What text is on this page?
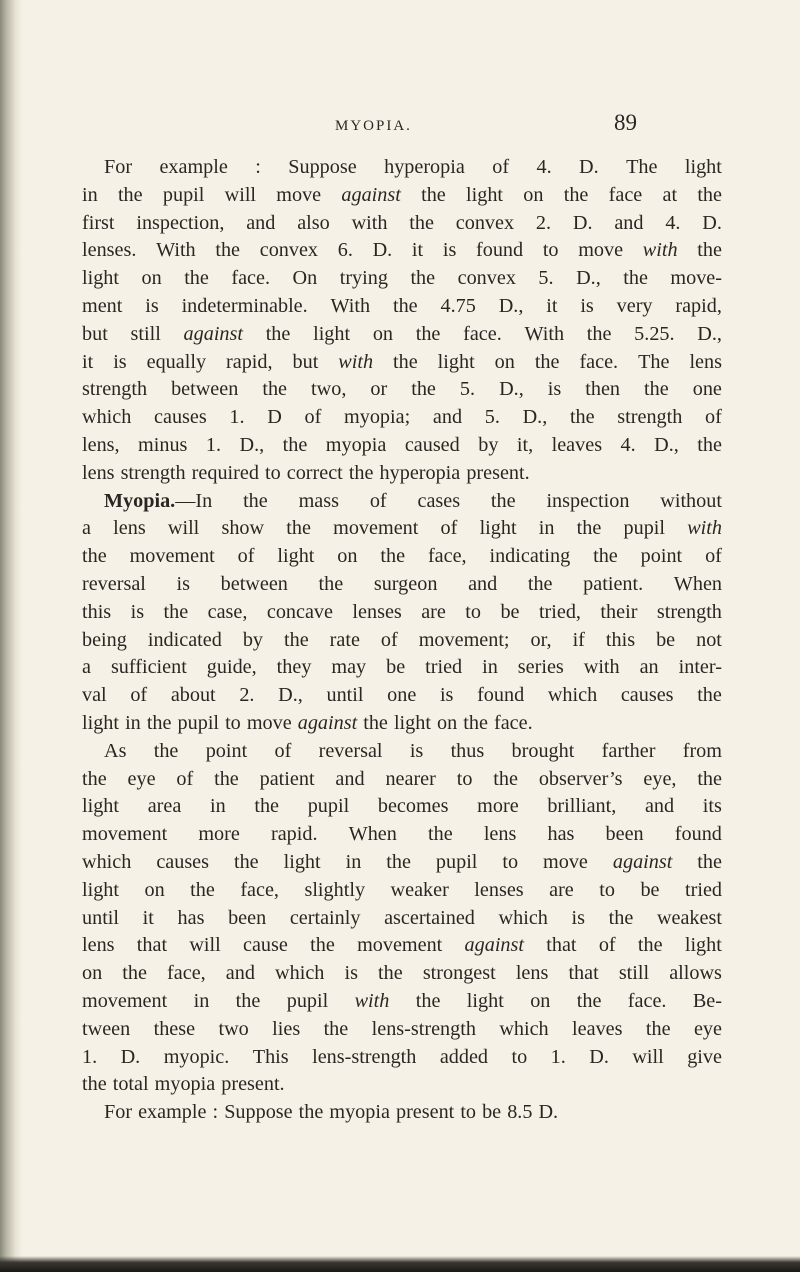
MYOPIA.	89
For example : Suppose hyperopia of 4. D. The light
in the pupil will move against the light on the face at the
first inspection, and also with the convex 2. D. and 4. D.
lenses. With the convex 6. D. it is found to move with the
light on the face. On trying the convex 5. D., the move-
ment is indeterminable. With the 4.75 D., it is very rapid,
but still against the light on the face. With the 5.25. D.,
it is equally rapid, but with the light on the face. The lens
strength between the two, or the 5. D., is then the one
which causes 1. D of myopia; and 5. D., the strength of
lens, minus 1. D., the myopia caused by it, leaves 4. D., the
lens strength required to correct the hyperopia present.
Myopia.—In the mass of cases the inspection without
a lens will show the movement of light in the pupil with
the movement of light on the face, indicating the point of
reversal is between the surgeon and the patient. When
this is the case, concave lenses are to be tried, their strength
being indicated by the rate of movement; or, if this be not
a sufficient guide, they may be tried in series with an inter-
val of about 2. D., until one is found which causes the
light in the pupil to move against the light on the face.
As the point of reversal is thus brought farther from
the eye of the patient and nearer to the observer’s eye, the
light area in the pupil becomes more brilliant, and its
movement more rapid. When the lens has been found
which causes the light in the pupil to move against the
light on the face, slightly weaker lenses are to be tried
until it has been certainly ascertained which is the weakest
lens that will cause the movement against that of the light
on the face, and which is the strongest lens that still allows
movement in the pupil with the light on the face. Be-
tween these two lies the lens-strength which leaves the eye
1. D. myopic. This lens-strength added to 1. D. will give
the total myopia present.
For example : Suppose the myopia present to be 8.5 D.
